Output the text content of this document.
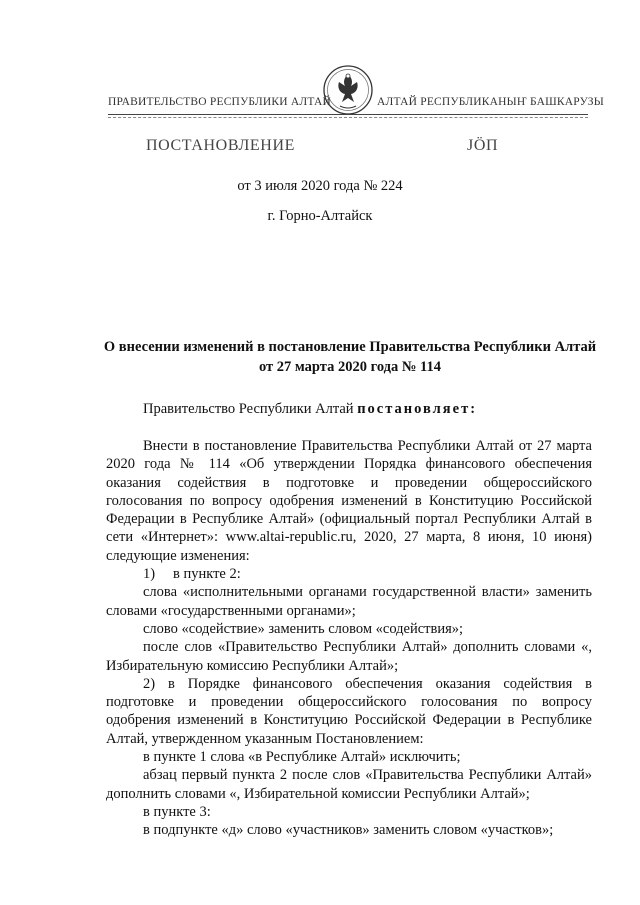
ПРАВИТЕЛЬСТВО РЕСПУБЛИКИ АЛТАЙ	АЛТАЙ РЕСПУБЛИКАНЫҤ БАШКАРУЗЫ
ПОСТАНОВЛЕНИЕ	ЈӦП
от 3 июля 2020 года № 224
г. Горно-Алтайск
О внесении изменений в постановление Правительства Республики Алтай от 27 марта 2020 года № 114
Правительство Республики Алтай постановляет:

Внести в постановление Правительства Республики Алтай от 27 марта 2020 года № 114 «Об утверждении Порядка финансового обеспечения оказания содействия в подготовке и проведении общероссийского голосования по вопросу одобрения изменений в Конституцию Российской Федерации в Республике Алтай» (официальный портал Республики Алтай в сети «Интернет»: www.altai-republic.ru, 2020, 27 марта, 8 июня, 10 июня) следующие изменения:

1) в пункте 2:

слова «исполнительными органами государственной власти» заменить словами «государственными органами»;

слово «содействие» заменить словом «содействия»;

после слов «Правительство Республики Алтай» дополнить словами «, Избирательную комиссию Республики Алтай»;

2) в Порядке финансового обеспечения оказания содействия в подготовке и проведении общероссийского голосования по вопросу одобрения изменений в Конституцию Российской Федерации в Республике Алтай, утвержденном указанным Постановлением:

в пункте 1 слова «в Республике Алтай» исключить;

абзац первый пункта 2 после слов «Правительства Республики Алтай» дополнить словами «, Избирательной комиссии Республики Алтай»;

в пункте 3:

в подпункте «д» слово «участников» заменить словом «участков»;
